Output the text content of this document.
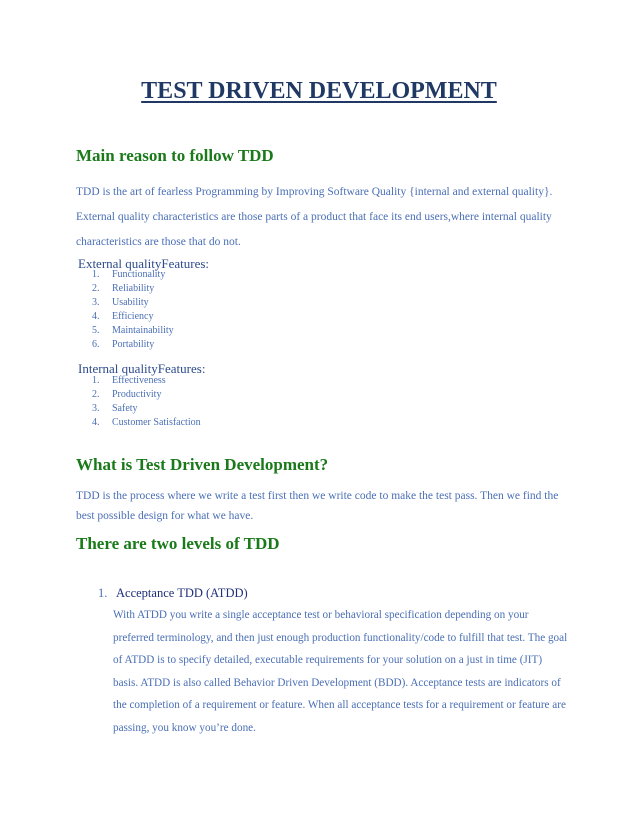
TEST DRIVEN DEVELOPMENT
Main reason to follow TDD
TDD is the art of fearless Programming by Improving Software Quality {internal and external quality}. External quality characteristics are those parts of a product that face its end users,where internal quality characteristics are those that do not.
External qualityFeatures:
1.	Functionality
2.	Reliability
3.	Usability
4.	Efficiency
5.	Maintainability
6.	Portability
Internal qualityFeatures:
1.	Effectiveness
2.	Productivity
3.	Safety
4.	Customer Satisfaction
What is Test Driven Development?
TDD is the process where we write a test first then we write code to make the test pass. Then we find the best possible design for what we have.
There are two levels of TDD
1. Acceptance TDD (ATDD)
With ATDD you write a single acceptance test or behavioral specification depending on your preferred terminology, and then just enough production functionality/code to fulfill that test. The goal of ATDD is to specify detailed, executable requirements for your solution on a just in time (JIT) basis. ATDD is also called Behavior Driven Development (BDD). Acceptance tests are indicators of the completion of a requirement or feature. When all acceptance tests for a requirement or feature are passing, you know you’re done.
